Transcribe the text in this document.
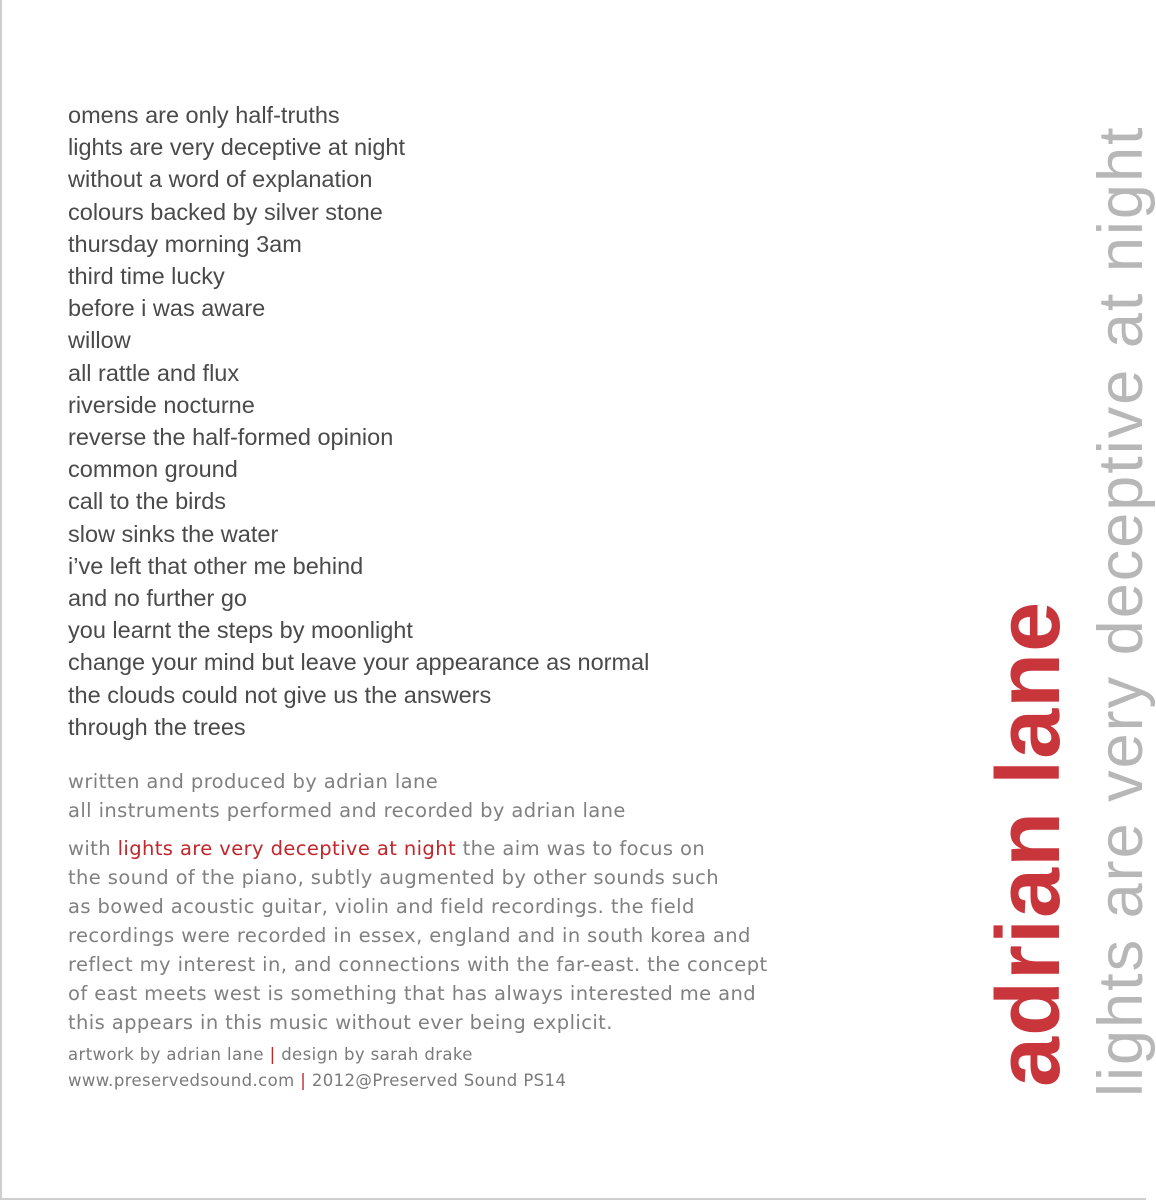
omens are only half-truths
lights are very deceptive at night
without a word of explanation
colours backed by silver stone
thursday morning 3am
third time lucky
before i was aware
willow
all rattle and flux
riverside nocturne
reverse the half-formed opinion
common ground
call to the birds
slow sinks the water
i’ve left that other me behind
and no further go
you learnt the steps by moonlight
change your mind but leave your appearance as normal
the clouds could not give us the answers
through the trees

written and produced by adrian lane

all instruments performed and recorded by adrian lane

with lights are very deceptive at night the aim was to focus on

the sound of the piano, subtly augmented by other sounds such

as bowed acoustic guitar, violin and field recordings. the field

recordings were recorded in essex, england and in south korea and

reflect my interest in, and connections with the far-east. the concept

of east meets west is something that has always interested me and

this appears in this music without ever being explicit.

artwork by adrian lane | design by sarah drake

www.preservedsound.com | 2012@Preserved Sound PS14	adrian lane lights are very deceptive at night
